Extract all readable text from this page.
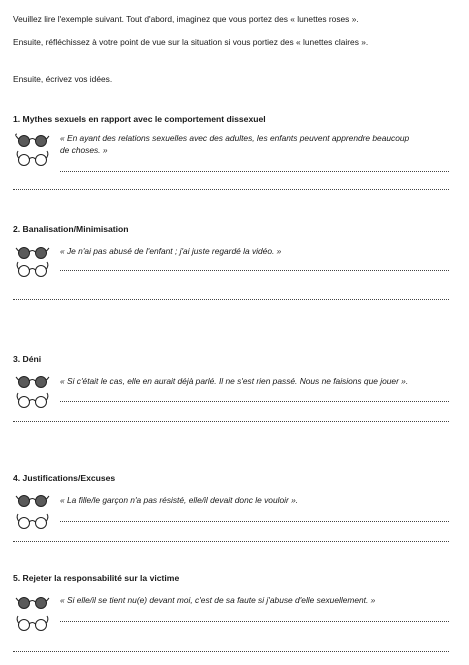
Veuillez lire l'exemple suivant. Tout d'abord, imaginez que vous portez des « lunettes roses ».
Ensuite, réfléchissez à votre point de vue sur la situation si vous portiez des « lunettes claires ».
Ensuite, écrivez vos idées.
1. Mythes sexuels en rapport avec le comportement dissexuel
« En ayant des relations sexuelles avec des adultes, les enfants peuvent apprendre beaucoup
de choses. »
2. Banalisation/Minimisation
« Je n'ai pas abusé de l'enfant ; j'ai juste regardé la vidéo. »
3. Déni
« Si c'était le cas, elle en aurait déjà parlé. Il ne s'est rien passé. Nous ne faisions que jouer ».
4. Justifications/Excuses
« La fille/le garçon n'a pas résisté, elle/il devait donc le vouloir ».
5. Rejeter la responsabilité sur la victime
« Si elle/il se tient nu(e) devant moi, c'est de sa faute si j'abuse d'elle sexuellement. »
